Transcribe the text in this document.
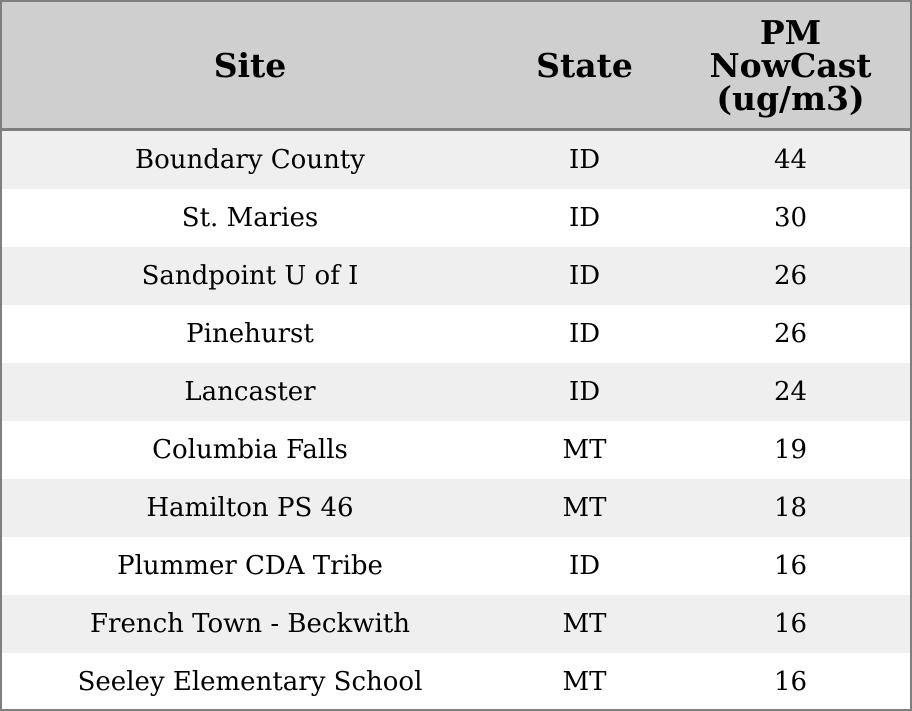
Site	State	PM
NowCast
(ug/m3)

Boundary County	ID	44
St. Maries	ID	30
Sandpoint U of I	ID	26
Pinehurst	ID	26
Lancaster	ID	24
Columbia Falls	MT	19
Hamilton PS 46	MT	18
Plummer CDA Tribe	ID	16
French Town - Beckwith	MT	16
Seeley Elementary School	MT	16
